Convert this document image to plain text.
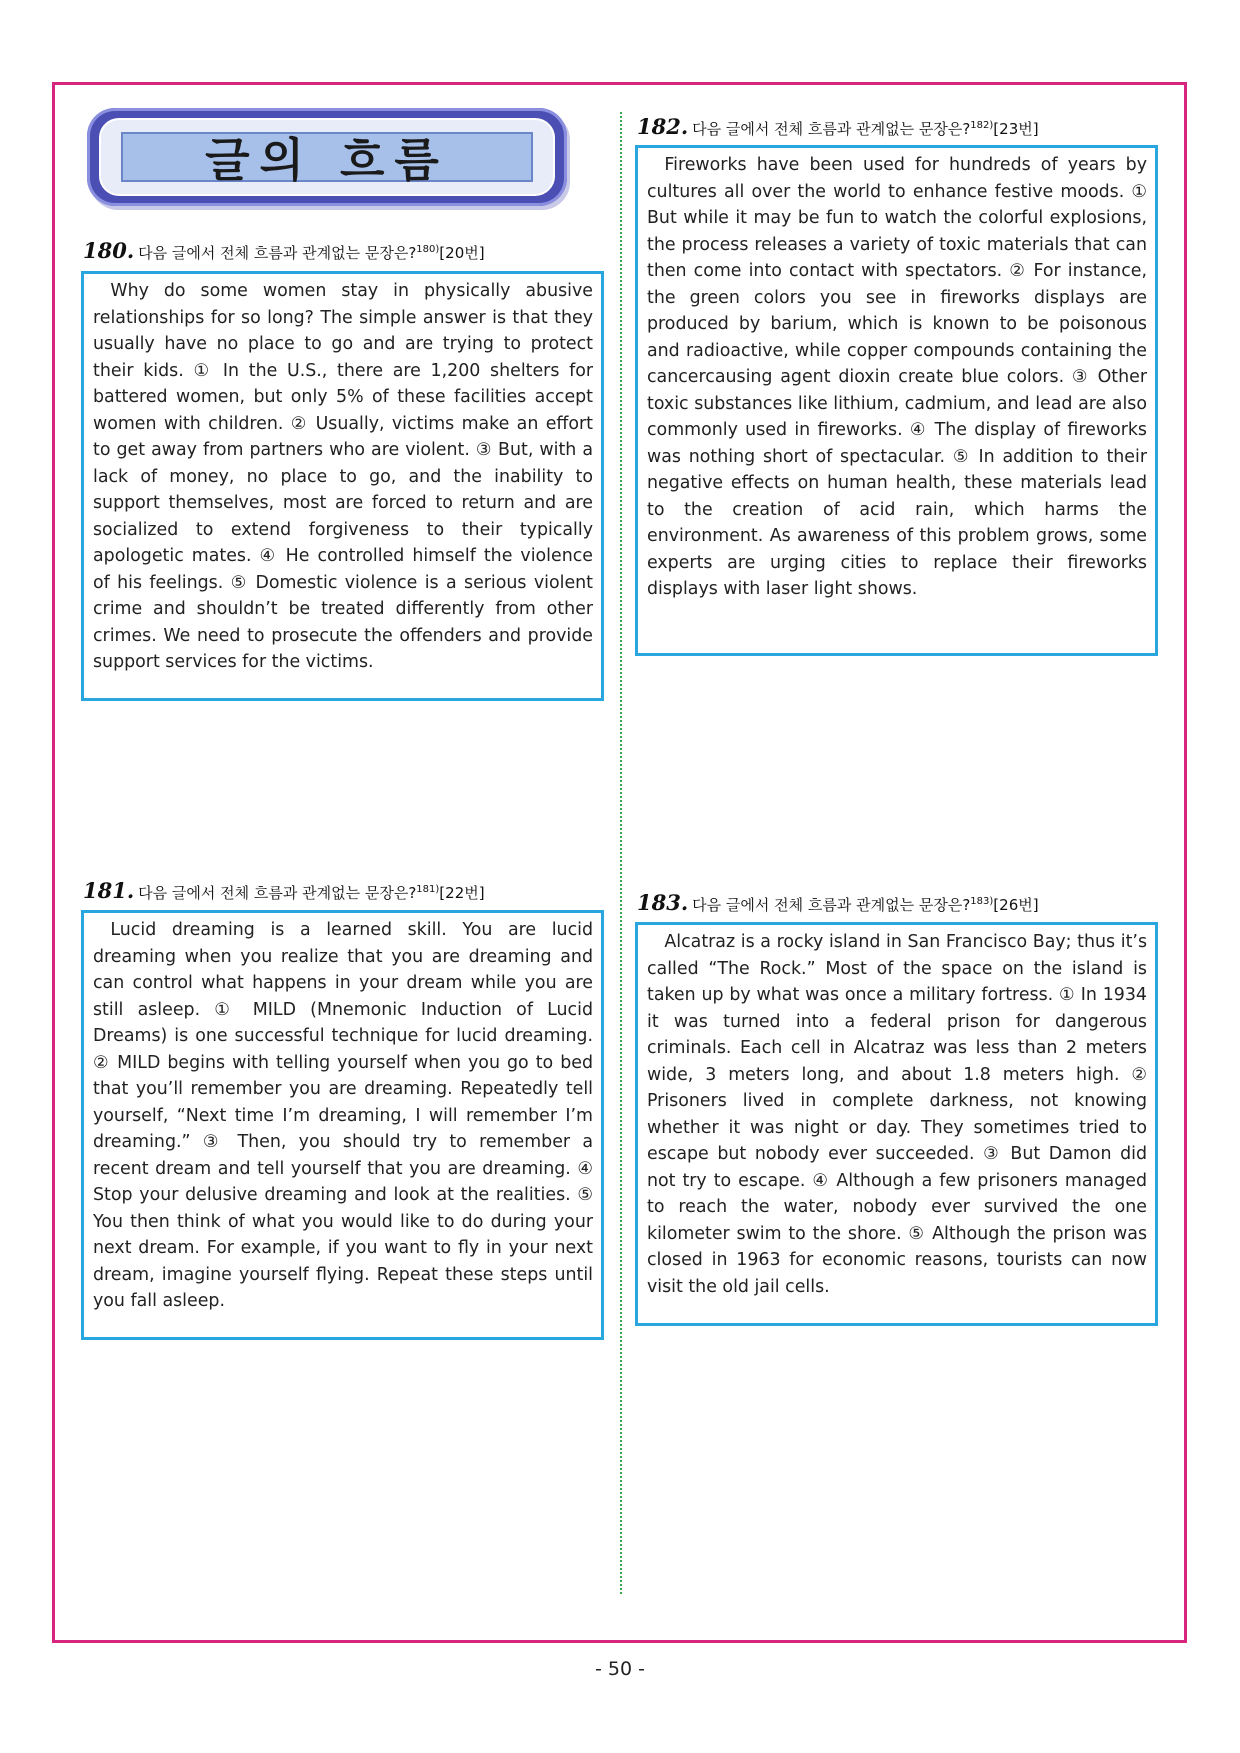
글의 흐름
180. 다음 글에서 전체 흐름과 관계없는 문장은?$^{180)}$[20번]
Why do some women stay in physically abusive relationships for so long? The simple answer is that they usually have no place to go and are trying to protect their kids. ① In the U.S., there are 1,200 shelters for battered women, but only 5% of these facilities accept women with children. ② Usually, victims make an effort to get away from partners who are violent. ③ But, with a lack of money, no place to go, and the inability to support themselves, most are forced to return and are socialized to extend forgiveness to their typically apologetic mates. ④ He controlled himself the violence of his feelings. ⑤ Domestic violence is a serious violent crime and shouldn’t be treated differently from other crimes. We need to prosecute the offenders and provide support services for the victims.
181. 다음 글에서 전체 흐름과 관계없는 문장은?$^{181)}$[22번]
Lucid dreaming is a learned skill. You are lucid dreaming when you realize that you are dreaming and can control what happens in your dream while you are still asleep. ① MILD (Mnemonic Induction of Lucid Dreams) is one successful technique for lucid dreaming. ② MILD begins with telling yourself when you go to bed that you’ll remember you are dreaming. Repeatedly tell yourself, “Next time I’m dreaming, I will remember I’m dreaming.” ③ Then, you should try to remember a recent dream and tell yourself that you are dreaming. ④ Stop your delusive dreaming and look at the realities. ⑤ You then think of what you would like to do during your next dream. For example, if you want to fly in your next dream, imagine yourself flying. Repeat these steps until you fall asleep.
182. 다음 글에서 전체 흐름과 관계없는 문장은?$^{182)}$[23번]
Fireworks have been used for hundreds of years by cultures all over the world to enhance festive moods. ① But while it may be fun to watch the colorful explosions, the process releases a variety of toxic materials that can then come into contact with spectators. ② For instance, the green colors you see in fireworks displays are produced by barium, which is known to be poisonous and radioactive, while copper compounds containing the cancercausing agent dioxin create blue colors. ③ Other toxic substances like lithium, cadmium, and lead are also commonly used in fireworks. ④ The display of fireworks was nothing short of spectacular. ⑤ In addition to their negative effects on human health, these materials lead to the creation of acid rain, which harms the environment. As awareness of this problem grows, some experts are urging cities to replace their fireworks displays with laser light shows.
183. 다음 글에서 전체 흐름과 관계없는 문장은?$^{183)}$[26번]
Alcatraz is a rocky island in San Francisco Bay; thus it’s called “The Rock.” Most of the space on the island is taken up by what was once a military fortress. ① In 1934 it was turned into a federal prison for dangerous criminals. Each cell in Alcatraz was less than 2 meters wide, 3 meters long, and about 1.8 meters high. ② Prisoners lived in complete darkness, not knowing whether it was night or day. They sometimes tried to escape but nobody ever succeeded. ③ But Damon did not try to escape. ④ Although a few prisoners managed to reach the water, nobody ever survived the one kilometer swim to the shore. ⑤ Although the prison was closed in 1963 for economic reasons, tourists can now visit the old jail cells.
- 50 -
